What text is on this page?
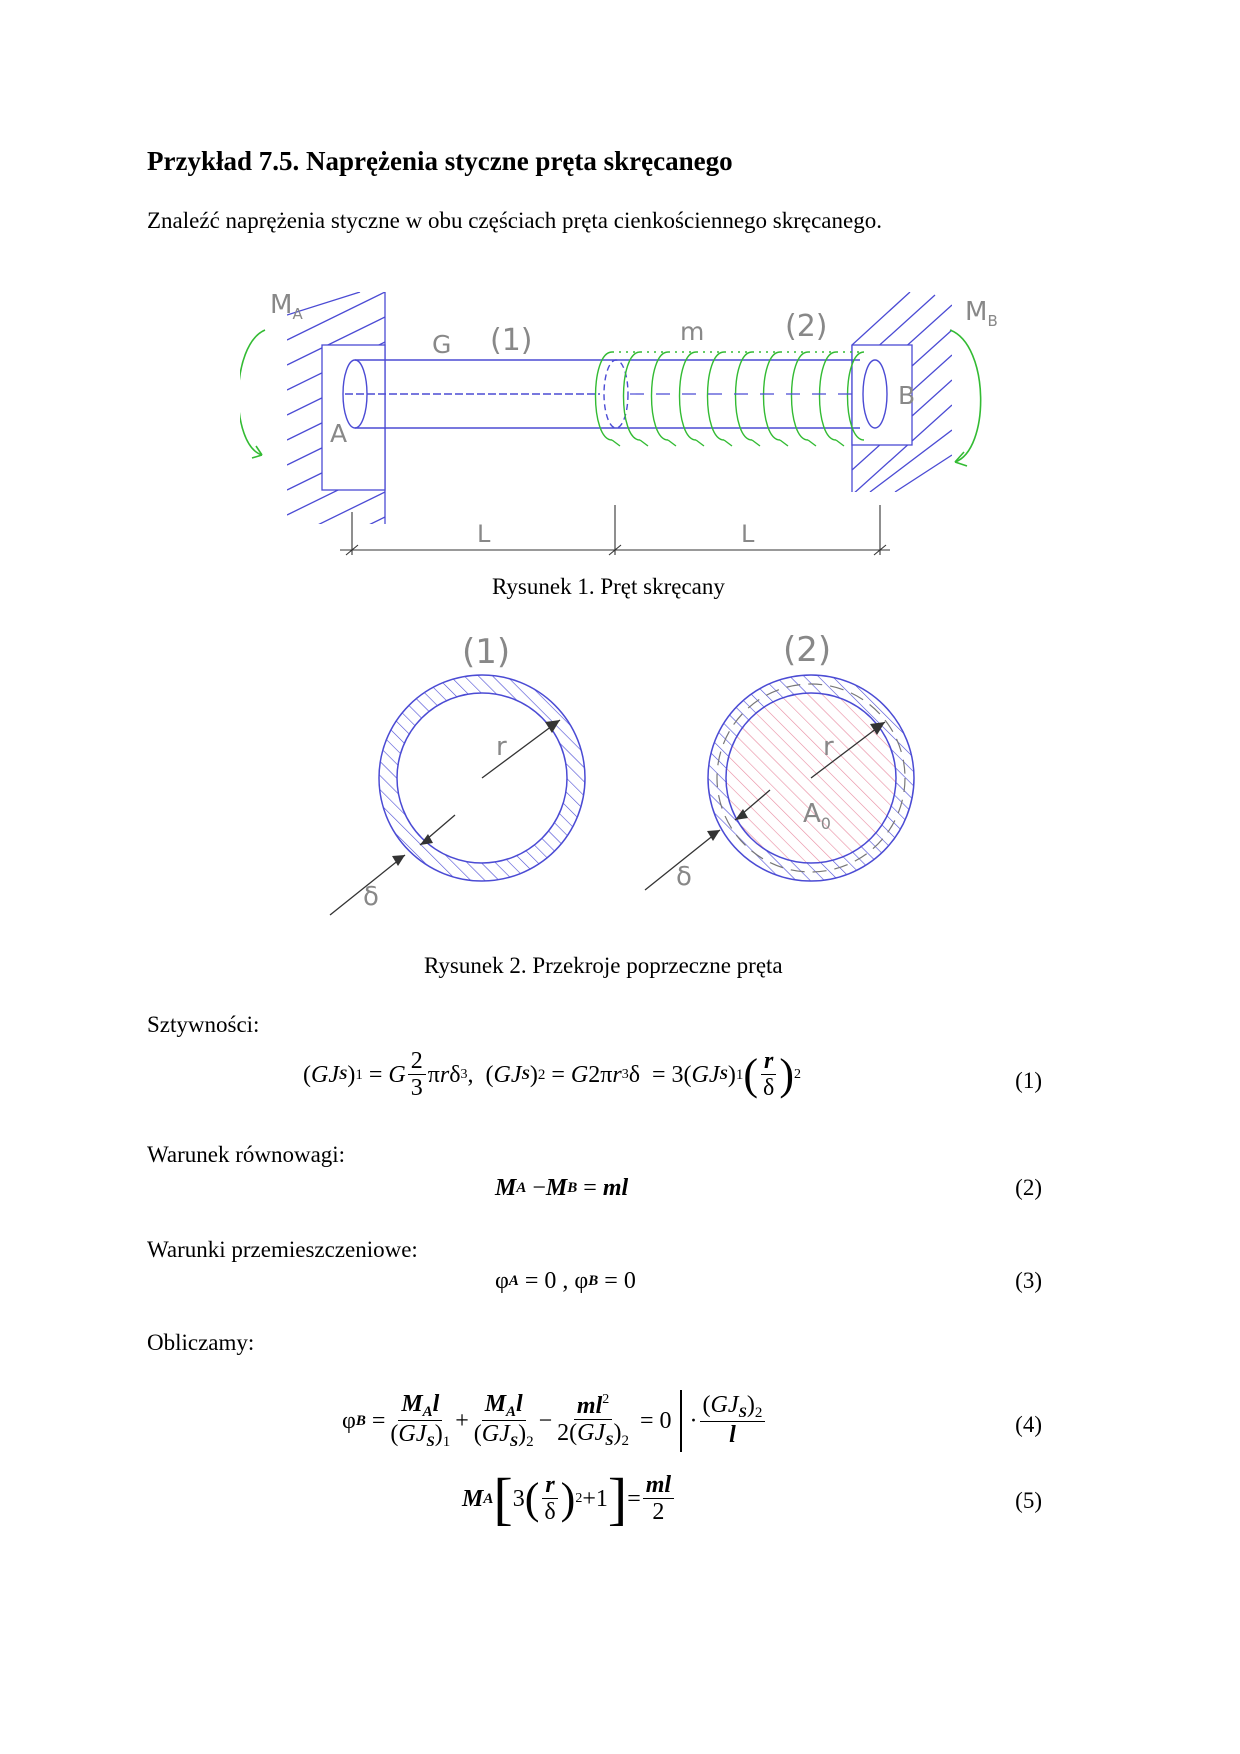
Przykład 7.5. Naprężenia styczne pręta skręcanego
Znaleźć naprężenia styczne w obu częściach pręta cienkościennego skręcanego.
$M_A$	$M_B$
G (1)	m	(2)
A
B
L	L
Rysunek 1. Pręt skręcany
(1)	(2)
r	r
δ
δ
$A_0$
Rysunek 2. Przekroje poprzeczne pręta
Sztywności:
Warunek równowagi:
Warunki przemieszczeniowe:
Obliczamy:
( GJ S ) 1 = G $\frac{2}{3}$ π r δ 3 ,  ( GJ S ) 2 = G 2π r 3 δ  = 3( GJ S ) 1 ( $\frac{r}{\delta}$ ) 2	(1)
M A − M B = ml	(2)
φ A = 0 , φ B = 0	(3)
φ $B = \frac{M_Al}{(GJ_S)_1} + \frac{M_Al}{(GJ_S)_2} - \frac{ml^2}{2(GJ_S)_2} = 0 \cdot \frac{(GJ_S)_2}{l}$	(4)
M A [ 3 ( $\frac{r}{\delta}$ ) 2 +1 ] = $\frac{ml}{2}$	(5)
